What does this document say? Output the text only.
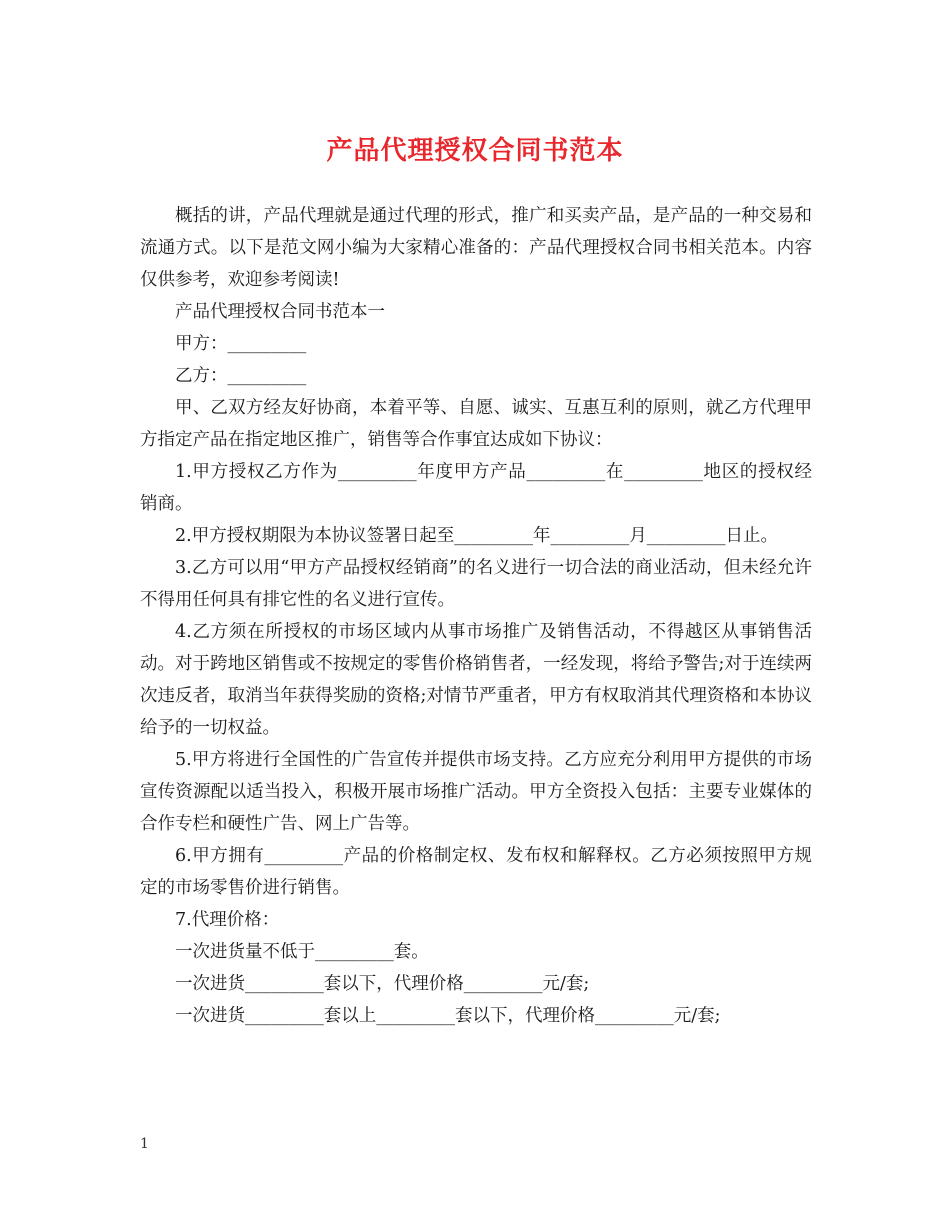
产品代理授权合同书范本

概括的讲，产品代理就是通过代理的形式，推广和买卖产品，是产品的一种交易和流通方式。以下是范文网小编为大家精心准备的：产品代理授权合同书相关范本。内容仅供参考，欢迎参考阅读!

产品代理授权合同书范本一

甲方：_________

乙方：_________

甲、乙双方经友好协商，本着平等、自愿、诚实、互惠互利的原则，就乙方代理甲方指定产品在指定地区推广，销售等合作事宜达成如下协议：

1.甲方授权乙方作为_________年度甲方产品_________在_________地区的授权经销商。

2.甲方授权期限为本协议签署日起至_________年_________月_________日止。

3.乙方可以用“甲方产品授权经销商”的名义进行一切合法的商业活动，但未经允许不得用任何具有排它性的名义进行宣传。

4.乙方须在所授权的市场区域内从事市场推广及销售活动，不得越区从事销售活动。对于跨地区销售或不按规定的零售价格销售者，一经发现，将给予警告;对于连续两次违反者，取消当年获得奖励的资格;对情节严重者，甲方有权取消其代理资格和本协议给予的一切权益。

5.甲方将进行全国性的广告宣传并提供市场支持。乙方应充分利用甲方提供的市场宣传资源配以适当投入，积极开展市场推广活动。甲方全资投入包括：主要专业媒体的合作专栏和硬性广告、网上广告等。

6.甲方拥有_________产品的价格制定权、发布权和解释权。乙方必须按照甲方规定的市场零售价进行销售。

7.代理价格：

一次进货量不低于_________套。

一次进货_________套以下，代理价格_________元/套;

一次进货_________套以上_________套以下，代理价格_________元/套;

1
